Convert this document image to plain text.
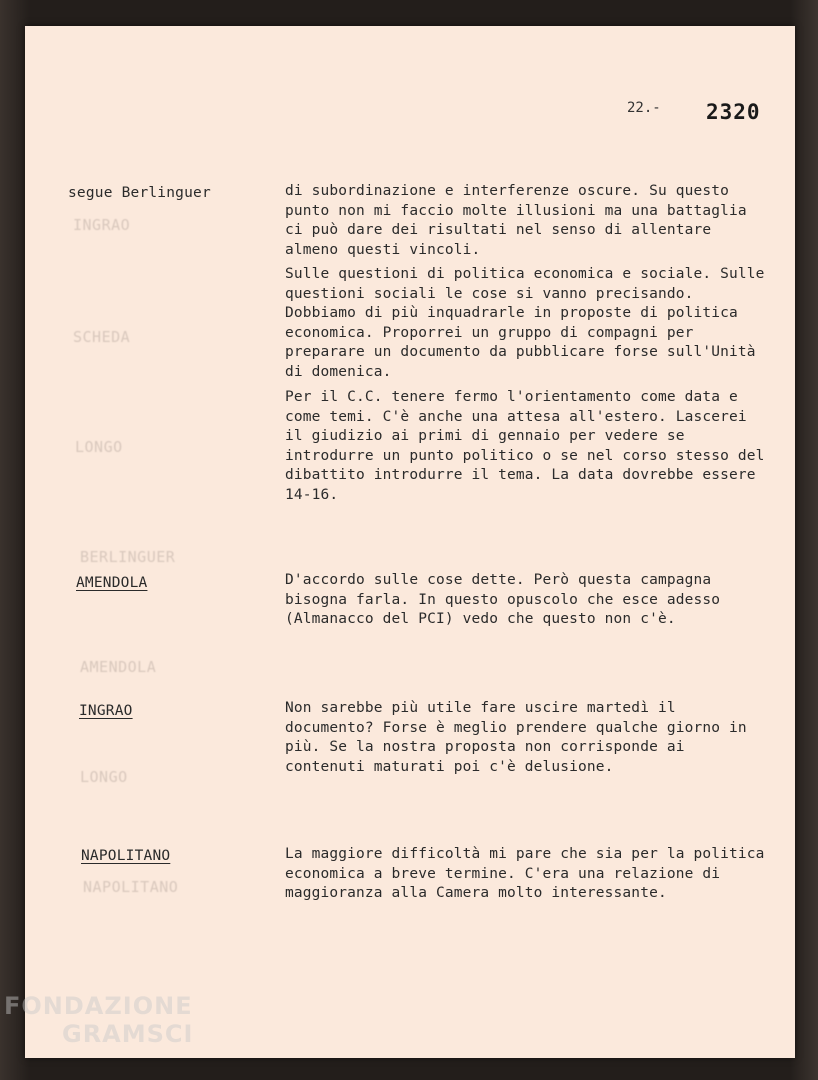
INGRAO
SCHEDA
LONGO
BERLINGUER
AMENDOLA
LONGO
NAPOLITANO
22.- 2320
segue Berlinguer	di subordinazione e interferenze oscure. Su questo punto non mi faccio molte illusioni ma una battaglia ci può dare dei risultati nel senso di allentare almeno questi vincoli.
Sulle questioni di politica economica e sociale. Sulle questioni sociali le cose si vanno precisando. Dobbiamo di più inquadrarle in proposte di politica economica. Proporrei un gruppo di compagni per preparare un documento da pubblicare forse sull'Unità di domenica.
Per il C.C. tenere fermo l'orientamento come data e come temi. C'è anche una attesa all'estero. Lascerei il giudizio ai primi di gennaio per vedere se introdurre un punto politico o se nel corso stesso del dibattito introdurre il tema. La data dovrebbe essere 14-16.
AMENDOLA	D'accordo sulle cose dette. Però questa campagna bisogna farla. In questo opuscolo che esce adesso (Almanacco del PCI) vedo che questo non c'è.
INGRAO	Non sarebbe più utile fare uscire martedì il documento? Forse è meglio prendere qualche giorno in più. Se la nostra proposta non corrisponde ai contenuti maturati poi c'è delusione.
NAPOLITANO	La maggiore difficoltà mi pare che sia per la politica economica a breve termine. C'era una relazione di maggioranza alla Camera molto interessante.
FONDAZIONE
GRAMSCI
